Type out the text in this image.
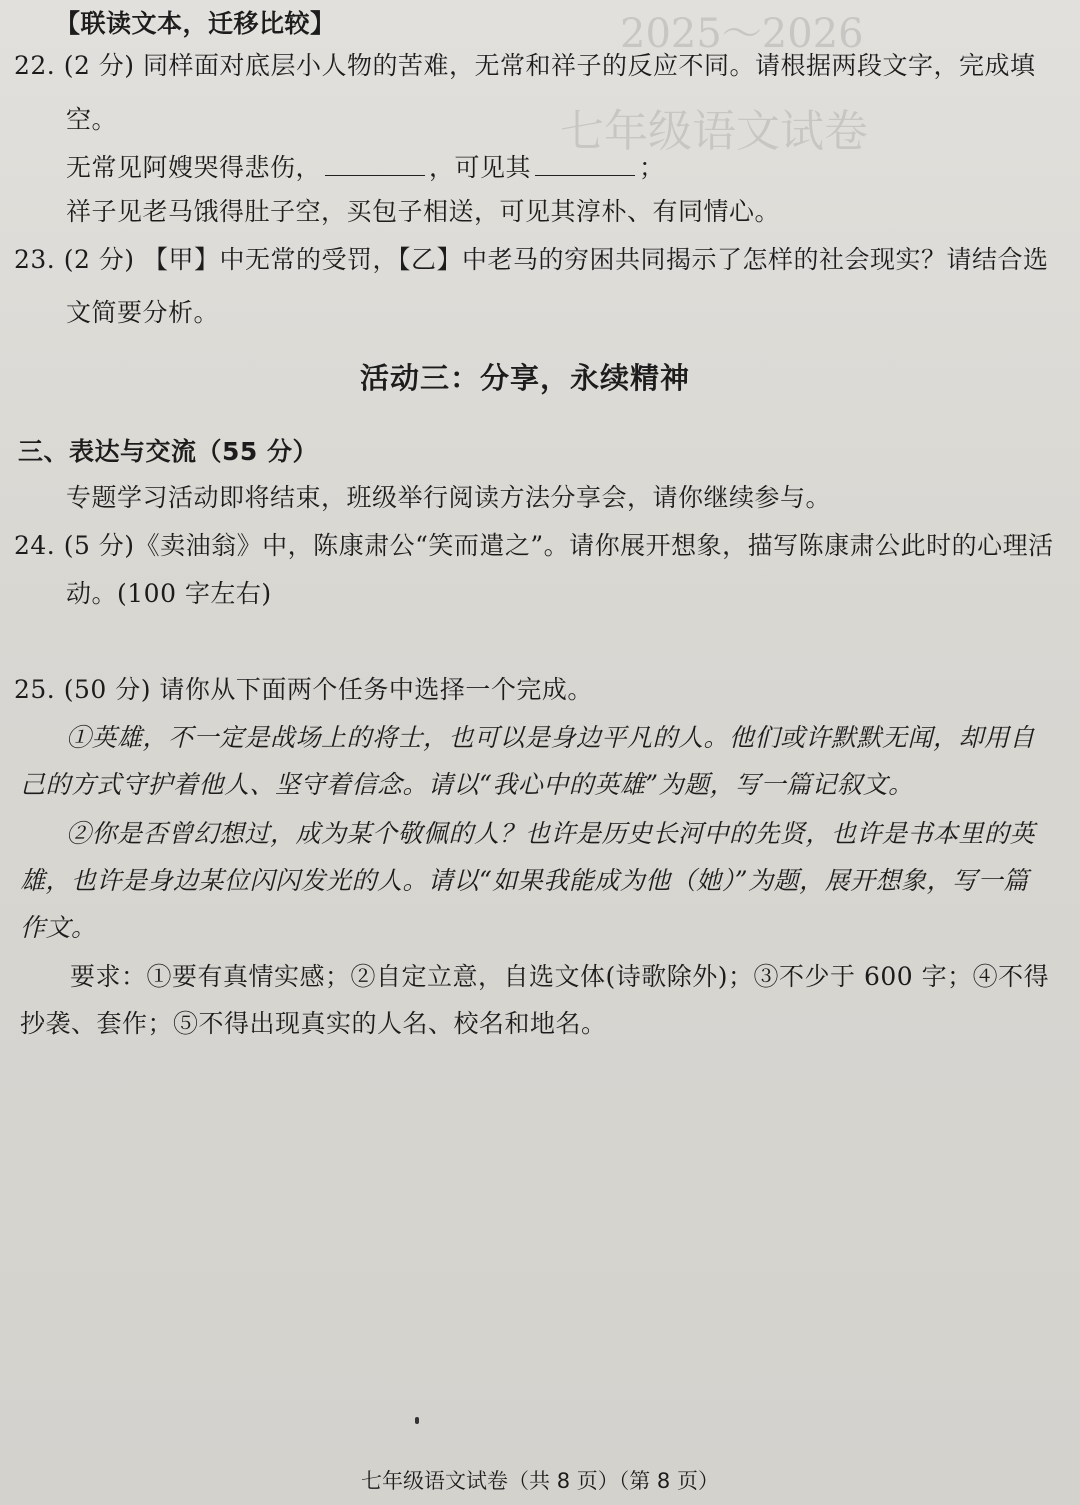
2025～2026
七年级语文试卷
【联读文本，迁移比较】
22. (2 分) 同样面对底层小人物的苦难，无常和祥子的反应不同。请根据两段文字，完成填
空。
无常见阿嫂哭得悲伤，	，可见其	；
祥子见老马饿得肚子空，买包子相送，可见其淳朴、有同情心。
23. (2 分) 【甲】中无常的受罚，【乙】中老马的穷困共同揭示了怎样的社会现实？请结合选
文简要分析。
活动三：分享，永续精神
三、表达与交流（55 分）
专题学习活动即将结束，班级举行阅读方法分享会，请你继续参与。
24. (5 分)《卖油翁》中，陈康肃公“笑而遣之”。请你展开想象，描写陈康肃公此时的心理活
动。(100 字左右)
25. (50 分) 请你从下面两个任务中选择一个完成。
①英雄，不一定是战场上的将士，也可以是身边平凡的人。他们或许默默无闻，却用自
己的方式守护着他人、坚守着信念。请以“我心中的英雄”为题，写一篇记叙文。
②你是否曾幻想过，成为某个敬佩的人？也许是历史长河中的先贤，也许是书本里的英
雄，也许是身边某位闪闪发光的人。请以“如果我能成为他（她）”为题，展开想象，写一篇
作文。
要求：①要有真情实感；②自定立意，自选文体(诗歌除外)；③不少于 600 字；④不得
抄袭、套作；⑤不得出现真实的人名、校名和地名。
七年级语文试卷（共 8 页）（第 8 页）
